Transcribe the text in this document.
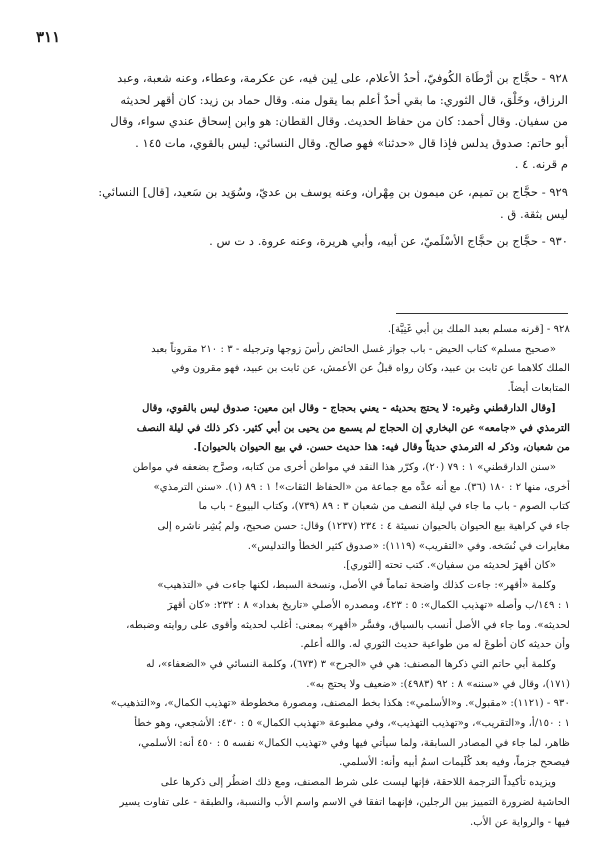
٣١١

٩٢٨ - حجَّاج بن أرْطَاة الكُوفيّ، أحدُ الأعلام، على لِين فيه، عن عكرمة، وعطاء، وعنه شعبة، وعبد

الرزاق، وخَلْق، قال الثوري: ما بقي أحدٌ أعلم بما يقول منه. وقال حماد بن زيد: كان أقهر لحديثه

من سفيان. وقال أحمد: كان من حفاظ الحديث. وقال القطان: هو وابن إسحاق عندي سواء، وقال

أبو حاتم: صدوق يدلس فإذا قال «حدثنا» فهو صالح. وقال النسائي: ليس بالقوي، مات ١٤٥ .

م قرنه. ٤ .

٩٢٩ - حجَّاج بن تميم، عن ميمون بن مِهْران، وعنه يوسف بن عديّ، وسُوَيد بن سَعيد، [قال] النسائي:

ليس بثقة. ق .

٩٣٠ - حجَّاج بن حجَّاج الأسْلَميّ، عن أبيه، وأبي هريرة، وعنه عروة. د ت س .

٩٢٨ - [قرنه مسلم بعبد الملك بن أبي غَنِيَّة].

«صحيح مسلم» كتاب الحيض - باب جواز غسل الحائض رأسَ زوجها وترجيله - ٣ : ٢١٠ مقروناً بعبد

الملك كلاهما عن ثابت بن عبيد، وكان رواه قبلُ عن الأعمش، عن ثابت بن عبيد، فهو مقرون وفي

المتابعات أيضاً.

[وقال الدارقطني وغيره: لا يحتج بحديثه - يعني بحجاج - وقال ابن معين: صدوق ليس بالقوي، وقال

الترمذي في «جامعه» عن البخاري إن الحجاج لم يسمع من يحيى بن أبي كثير. ذكر ذلك في ليلة النصف

من شعبان، وذكر له الترمذي حديثاً وقال فيه: هذا حديث حسن. في بيع الحيوان بالحيوان].

«سنن الدارقطني» ١ : ٧٩ (٢٠)، وكرّر هذا النقد في مواطن أخرى من كتابه، وصرَّح بضعفه في مواطن

أخرى، منها ٢ : ١٨٠ (٣٦). مع أنه عدَّه مع جماعة من «الحفاظ الثقات»! ١ : ٨٩ (١). «سنن الترمذي»

كتاب الصوم - باب ما جاء في ليلة النصف من شعبان ٣ : ٨٩ (٧٣٩)، وكتاب البيوع - باب ما

جاء في كراهية بيع الحيوان بالحيوان نسيئة ٤ : ٢٣٤ (١٢٣٧) وقال: حسن صحيح، ولم يُشِر ناشره إلى

مغايرات في نُسَخه. وفي «التقريب» (١١١٩): «صدوق كثير الخطأ والتدليس».

«كان أقهرَ لحديثه من سفيان». كتب تحته [الثوري].

وكلمة «أقهر»: جاءت كذلك واضحة تماماً في الأصل، ونسخة السبط، لكنها جاءت في «التذهيب»

١ : ١٤٩/ب وأصله «تهذيب الكمال»: ٥ : ٤٢٣، ومصدره الأصلي «تاريخ بغداد» ٨ : ٢٣٢: «كان أقهرَ

لحديثه». وما جاء في الأصل أنسب بالسياق، وفسَّر «أقهر» بمعنى: أغلب لحديثه وأقوى على روايته وضبطه،

وأن حديثه كان أطوعَ له من طواعية حديث الثوري له. والله أعلم.

وكلمة أبي حاتم التي ذكرها المصنف: هي في «الجرح» ٣ (٦٧٣)، وكلمة النسائي في «الضعفاء»، له

(١٧١)، وقال في «سننه» ٨ : ٩٢ (٤٩٨٣): «ضعيف ولا يحتج به».

٩٣٠ - (١١٢١): «مقبول». و«الأسلمي»: هكذا بخط المصنف، ومصورة مخطوطة «تهذيب الكمال»، و«التذهيب»

١ : ١٥٠/أ، و«التقريب»، و«تهذيب التهذيب»، وفي مطبوعة «تهذيب الكمال» ٥ : ٤٣٠: الأشجعي، وهو خطأ

ظاهر، لما جاء في المصادر السابقة، ولما سيأتي فيها وفي «تهذيب الكمال» نفسه ٥ : ٤٥٠ أنه: الأسلمي،

فيصحح جزماً، وفيه بعد كُلَيمات اسمُ أبيه وأنه: الأسلمي.

ويزيده تأكيداً الترجمة اللاحقة، فإنها ليست على شرط المصنف، ومع ذلك اضطُر إلى ذكرها على

الحاشية لضرورة التمييز بين الرجلين، فإنهما اتفقا في الاسم واسم الأب والنسبة، والطبقة - على تفاوت يسير

فيها - والرواية عن الأب.
